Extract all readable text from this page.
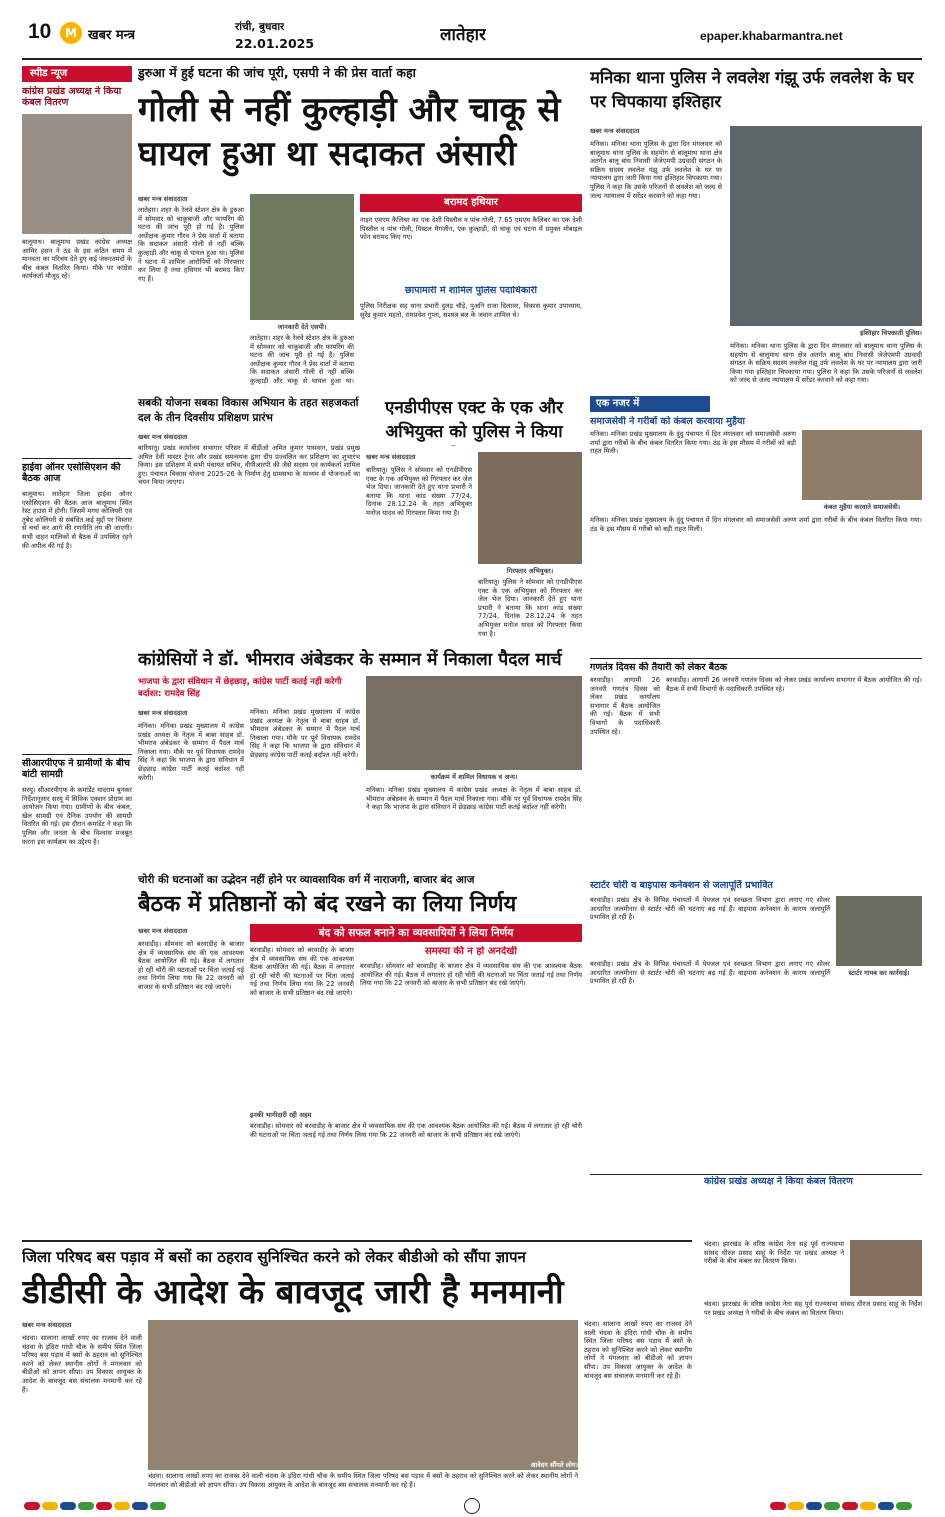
10	M खबर मन्त्र
रांची, बुधवार
22.01.2025	लातेहार	epaper.khabarmantra.net
स्पीड न्यूज
कांग्रेस प्रखंड अध्यक्ष ने किया कंबल वितरण
बालूमाथ। बालूमाथ प्रखंड कांग्रेस अध्यक्ष आमिर हसन ने ठंड के इस कठिन समय में मानवता का परिचय देते हुए कई जरूरतमंदों के बीच कंबल वितरित किया। मौके पर कांग्रेस कार्यकर्ता मौजूद रहे।
हाईवा ऑनर एसोसिएशन की बैठक आज
बालूमाथ। लातेहार जिला हाईवा ऑनर एसोसिएशन की बैठक आज बालूमाथ स्थित रेस्ट हाउस में होगी। जिसमें मगध कोलियरी एवं तुबेद कोलियरी से संबंधित कई मुद्दों पर विस्तार से चर्चा कर आगे की रणनीति तय की जाएगी। सभी वाहन मालिकों से बैठक में उपस्थित रहने की अपील की गई है।
सीआरपीएफ ने ग्रामीणों के बीच बांटी सामग्री
सरयू। सीआरपीएफ के कमांडेंट यादराम बुनकर निर्देशानुसार सरयू में सिविक एक्शन प्रोग्राम का आयोजन किया गया। ग्रामीणों के बीच कंबल, खेल सामग्री एवं दैनिक उपयोग की सामग्री वितरित की गई। इस दौरान कमांडेंट ने कहा कि पुलिस और जनता के बीच विश्वास मजबूत करना इस कार्यक्रम का उद्देश्य है।
डुरुआ में हुई घटना की जांच पूरी, एसपी ने की प्रेस वार्ता कहा
गोली से नहीं कुल्हाड़ी और चाकू से घायल हुआ था सदाकत अंसारी
खबर मन्त्र संवाददाता
लातेहार। शहर के रेलवे स्टेशन क्षेत्र के डुरुआ में सोमवार को चाकूबाजी और फायरिंग की घटना की जांच पूरी हो गई है। पुलिस अधीक्षक कुमार गौरव ने प्रेस वार्ता में बताया कि सदाकत अंसारी गोली से नहीं बल्कि कुल्हाड़ी और चाकू से घायल हुआ था। पुलिस ने घटना में शामिल आरोपियों को गिरफ्तार कर लिया है तथा हथियार भी बरामद किए गए हैं।
जानकारी देते एसपी।
लातेहार। शहर के रेलवे स्टेशन क्षेत्र के डुरुआ में सोमवार को चाकूबाजी और फायरिंग की घटना की जांच पूरी हो गई है। पुलिस अधीक्षक कुमार गौरव ने प्रेस वार्ता में बताया कि सदाकत अंसारी गोली से नहीं बल्कि कुल्हाड़ी और चाकू से घायल हुआ था।
बरामद हथियार
नाइन एमएम कैलिबर का एक देशी पिस्तौल व पांच गोली, 7.65 एमएम कैलिबर का एक देशी पिस्तौल व पांच गोली, पिस्टल मैगजीन, एक कुल्हाड़ी, दो चाकू एवं घटना में प्रयुक्त मोबाइल फोन बरामद किए गए।
छापामारी में शामिल पुलिस पदाधिकारी
पुलिस निरीक्षक सह थाना प्रभारी दुलड़ चौड़े, पुअनि राजा दिलावर, विकास कुमार उपाध्याय, सुरेंद्र कुमार महतो, रामप्रवेश गुप्ता, सशस्त्र बल के जवान शामिल थे।
मनिका थाना पुलिस ने लवलेश गंझू उर्फ लवलेश के घर पर चिपकाया इश्तिहार
खबर मन्त्र संवाददाता
मनिका। मनिका थाना पुलिस के द्वारा दिन मंगलवार को बालूमाथ थाना पुलिस के सहयोग से बालूमाथ थाना क्षेत्र अंतर्गत बालू बांध निवासी जेजेएमपी उग्रवादी संगठन के सक्रिय सदस्य लवलेश गंझू उर्फ लवलेश के घर पर न्यायालय द्वारा जारी किया गया इश्तिहार चिपकाया गया। पुलिस ने कहा कि उसके परिजनों से लवलेश को जल्द से जल्द न्यायालय में सरेंडर करवाने को कहा गया।
इश्तिहार चिपकाती पुलिस।
मनिका। मनिका थाना पुलिस के द्वारा दिन मंगलवार को बालूमाथ थाना पुलिस के सहयोग से बालूमाथ थाना क्षेत्र अंतर्गत बालू बांध निवासी जेजेएमपी उग्रवादी संगठन के सक्रिय सदस्य लवलेश गंझू उर्फ लवलेश के घर पर न्यायालय द्वारा जारी किया गया इश्तिहार चिपकाया गया। पुलिस ने कहा कि उसके परिजनों से लवलेश को जल्द से जल्द न्यायालय में सरेंडर करवाने को कहा गया।
सबकी योजना सबका विकास अभियान के तहत सहजकर्ता दल के तीन दिवसीय प्रशिक्षण प्रारंभ
खबर मन्त्र संवाददाता
बारियातू। प्रखंड कार्यालय सभागार परिसर में बीडीओ अमित कुमार पासवान, प्रखंड प्रमुख अमित देवी मास्टर ट्रेनर और प्रखंड समन्वयक द्वारा दीप प्रज्वलित कर प्रशिक्षण का शुभारंभ किया। इस प्रशिक्षण में सभी पंचायत सचिव, वीपीआरपी की जैसे सदस्य एवं कार्यकर्ता शामिल हुए। पंचायत विकास योजना 2025-26 के निर्माण हेतु ग्रामसभा के माध्यम से योजनाओं का चयन किया जाएगा।
एनडीपीएस एक्ट के एक और अभियुक्त को पुलिस ने किया
खबर मन्त्र संवाददाता
बारियातू। पुलिस ने सोमवार को एनडीपीएस एक्ट के एक अभियुक्त को गिरफ्तार कर जेल भेज दिया। जानकारी देते हुए थाना प्रभारी ने बताया कि थाना कांड संख्या 77/24, दिनांक 28.12.24 के तहत अभियुक्त मनोज यादव को गिरफ्तार किया गया है।
गिरफ्तार अभियुक्त।
बारियातू। पुलिस ने सोमवार को एनडीपीएस एक्ट के एक अभियुक्त को गिरफ्तार कर जेल भेज दिया। जानकारी देते हुए थाना प्रभारी ने बताया कि थाना कांड संख्या 77/24, दिनांक 28.12.24 के तहत अभियुक्त मनोज यादव को गिरफ्तार किया गया है।
एक नजर में
समाजसेवी ने गरीबों को कंबल करवाया मुहैया
मनिका। मनिका प्रखंड मुख्यालय के दुंदु पंचायत में दिन मंगलवार को समाजसेवी अरुण शर्मा द्वारा गरीबों के बीच कंबल वितरित किया गया। ठंड के इस मौसम में गरीबों को बड़ी राहत मिली।
कंबल मुहैया करवाते समाजसेवी।
मनिका। मनिका प्रखंड मुख्यालय के दुंदु पंचायत में दिन मंगलवार को समाजसेवी अरुण शर्मा द्वारा गरीबों के बीच कंबल वितरित किया गया। ठंड के इस मौसम में गरीबों को बड़ी राहत मिली।
गणतंत्र दिवस की तैयारी को लेकर बैठक
बरवाडीह। आगामी 26 जनवरी गणतंत्र दिवस को लेकर प्रखंड कार्यालय सभागार में बैठक आयोजित की गई। बैठक में सभी विभागों के पदाधिकारी उपस्थित रहे।
बरवाडीह। आगामी 26 जनवरी गणतंत्र दिवस को लेकर प्रखंड कार्यालय सभागार में बैठक आयोजित की गई। बैठक में सभी विभागों के पदाधिकारी उपस्थित रहे।
कांग्रेसियों ने डॉ. भीमराव अंबेडकर के सम्मान में निकाला पैदल मार्च
भाजपा के द्वारा संविधान में छेड़छाड़, कांग्रेस पार्टी कतई नहीं करेगी बर्दाश्त: रामदेव सिंह
खबर मन्त्र संवाददाता
मनिका। मनिका प्रखंड मुख्यालय में कांग्रेस प्रखंड अध्यक्ष के नेतृत्व में बाबा साहब डॉ. भीमराव अंबेडकर के सम्मान में पैदल मार्च निकाला गया। मौके पर पूर्व विधायक रामदेव सिंह ने कहा कि भाजपा के द्वारा संविधान में छेड़छाड़ कांग्रेस पार्टी कतई बर्दाश्त नहीं करेगी।
मनिका। मनिका प्रखंड मुख्यालय में कांग्रेस प्रखंड अध्यक्ष के नेतृत्व में बाबा साहब डॉ. भीमराव अंबेडकर के सम्मान में पैदल मार्च निकाला गया। मौके पर पूर्व विधायक रामदेव सिंह ने कहा कि भाजपा के द्वारा संविधान में छेड़छाड़ कांग्रेस पार्टी कतई बर्दाश्त नहीं करेगी।
कार्यक्रम में शामिल विधायक व अन्य।
मनिका। मनिका प्रखंड मुख्यालय में कांग्रेस प्रखंड अध्यक्ष के नेतृत्व में बाबा साहब डॉ. भीमराव अंबेडकर के सम्मान में पैदल मार्च निकाला गया। मौके पर पूर्व विधायक रामदेव सिंह ने कहा कि भाजपा के द्वारा संविधान में छेड़छाड़ कांग्रेस पार्टी कतई बर्दाश्त नहीं करेगी।
चोरी की घटनाओं का उद्भेदन नहीं होने पर व्यावसायिक वर्ग में नाराजगी, बाजार बंद आज
बैठक में प्रतिष्ठानों को बंद रखने का लिया निर्णय
खबर मन्त्र संवाददाता
बरवाडीह। सोमवार को बरवाडीह के बाजार क्षेत्र में व्यवसायिक संघ की एक आवश्यक बैठक आयोजित की गई। बैठक में लगातार हो रही चोरी की घटनाओं पर चिंता जताई गई तथा निर्णय लिया गया कि 22 जनवरी को बाजार के सभी प्रतिष्ठान बंद रखे जाएंगे।
बंद को सफल बनाने का व्यवसायियों ने लिया निर्णय
बरवाडीह। सोमवार को बरवाडीह के बाजार क्षेत्र में व्यवसायिक संघ की एक आवश्यक बैठक आयोजित की गई। बैठक में लगातार हो रही चोरी की घटनाओं पर चिंता जताई गई तथा निर्णय लिया गया कि 22 जनवरी को बाजार के सभी प्रतिष्ठान बंद रखे जाएंगे।
समस्या की न हो अनदेखी
बरवाडीह। सोमवार को बरवाडीह के बाजार क्षेत्र में व्यवसायिक संघ की एक आवश्यक बैठक आयोजित की गई। बैठक में लगातार हो रही चोरी की घटनाओं पर चिंता जताई गई तथा निर्णय लिया गया कि 22 जनवरी को बाजार के सभी प्रतिष्ठान बंद रखे जाएंगे।
इनकी भागीदारी रही अहम
बरवाडीह। सोमवार को बरवाडीह के बाजार क्षेत्र में व्यवसायिक संघ की एक आवश्यक बैठक आयोजित की गई। बैठक में लगातार हो रही चोरी की घटनाओं पर चिंता जताई गई तथा निर्णय लिया गया कि 22 जनवरी को बाजार के सभी प्रतिष्ठान बंद रखे जाएंगे।
स्टार्टर चोरी व बाइपास कनेक्शन से जलापूर्ति प्रभावित
बरवाडीह। प्रखंड क्षेत्र के विभिन्न पंचायतों में पेयजल एवं स्वच्छता विभाग द्वारा लगाए गए सोलर आधारित जलमीनार से स्टार्टर चोरी की घटनाएं बढ़ गई हैं। बाइपास कनेक्शन के कारण जलापूर्ति प्रभावित हो रही है।
स्टार्टर गायब कर कार्रवाई।
बरवाडीह। प्रखंड क्षेत्र के विभिन्न पंचायतों में पेयजल एवं स्वच्छता विभाग द्वारा लगाए गए सोलर आधारित जलमीनार से स्टार्टर चोरी की घटनाएं बढ़ गई हैं। बाइपास कनेक्शन के कारण जलापूर्ति प्रभावित हो रही है।
कांग्रेस प्रखंड अध्यक्ष ने किया कंबल वितरण
जिला परिषद बस पड़ाव में बसों का ठहराव सुनिश्चित करने को लेकर बीडीओ को सौंपा ज्ञापन
डीडीसी के आदेश के बावजूद जारी है मनमानी
खबर मन्त्र संवाददाता
चंदवा। सालाना लाखों रुपए का राजस्व देने वाली चंदवा के इंदिरा गांधी चौक के समीप स्थित जिला परिषद बस पड़ाव में बसों के ठहराव को सुनिश्चित करने को लेकर स्थानीय लोगों ने मंगलवार को बीडीओ को ज्ञापन सौंपा। उप विकास आयुक्त के आदेश के बावजूद बस संचालक मनमानी कर रहे हैं।
आवेदन सौंपते लोग।
चंदवा। सालाना लाखों रुपए का राजस्व देने वाली चंदवा के इंदिरा गांधी चौक के समीप स्थित जिला परिषद बस पड़ाव में बसों के ठहराव को सुनिश्चित करने को लेकर स्थानीय लोगों ने मंगलवार को बीडीओ को ज्ञापन सौंपा। उप विकास आयुक्त के आदेश के बावजूद बस संचालक मनमानी कर रहे हैं।
चंदवा। सालाना लाखों रुपए का राजस्व देने वाली चंदवा के इंदिरा गांधी चौक के समीप स्थित जिला परिषद बस पड़ाव में बसों के ठहराव को सुनिश्चित करने को लेकर स्थानीय लोगों ने मंगलवार को बीडीओ को ज्ञापन सौंपा। उप विकास आयुक्त के आदेश के बावजूद बस संचालक मनमानी कर रहे हैं।
चंदवा। झारखंड के वरिष्ठ कांग्रेस नेता सह पूर्व राज्यसभा सांसद धीरज प्रसाद साहू के निर्देश पर प्रखंड अध्यक्ष ने गरीबों के बीच कंबल का वितरण किया।
चंदवा। झारखंड के वरिष्ठ कांग्रेस नेता सह पूर्व राज्यसभा सांसद धीरज प्रसाद साहू के निर्देश पर प्रखंड अध्यक्ष ने गरीबों के बीच कंबल का वितरण किया।
